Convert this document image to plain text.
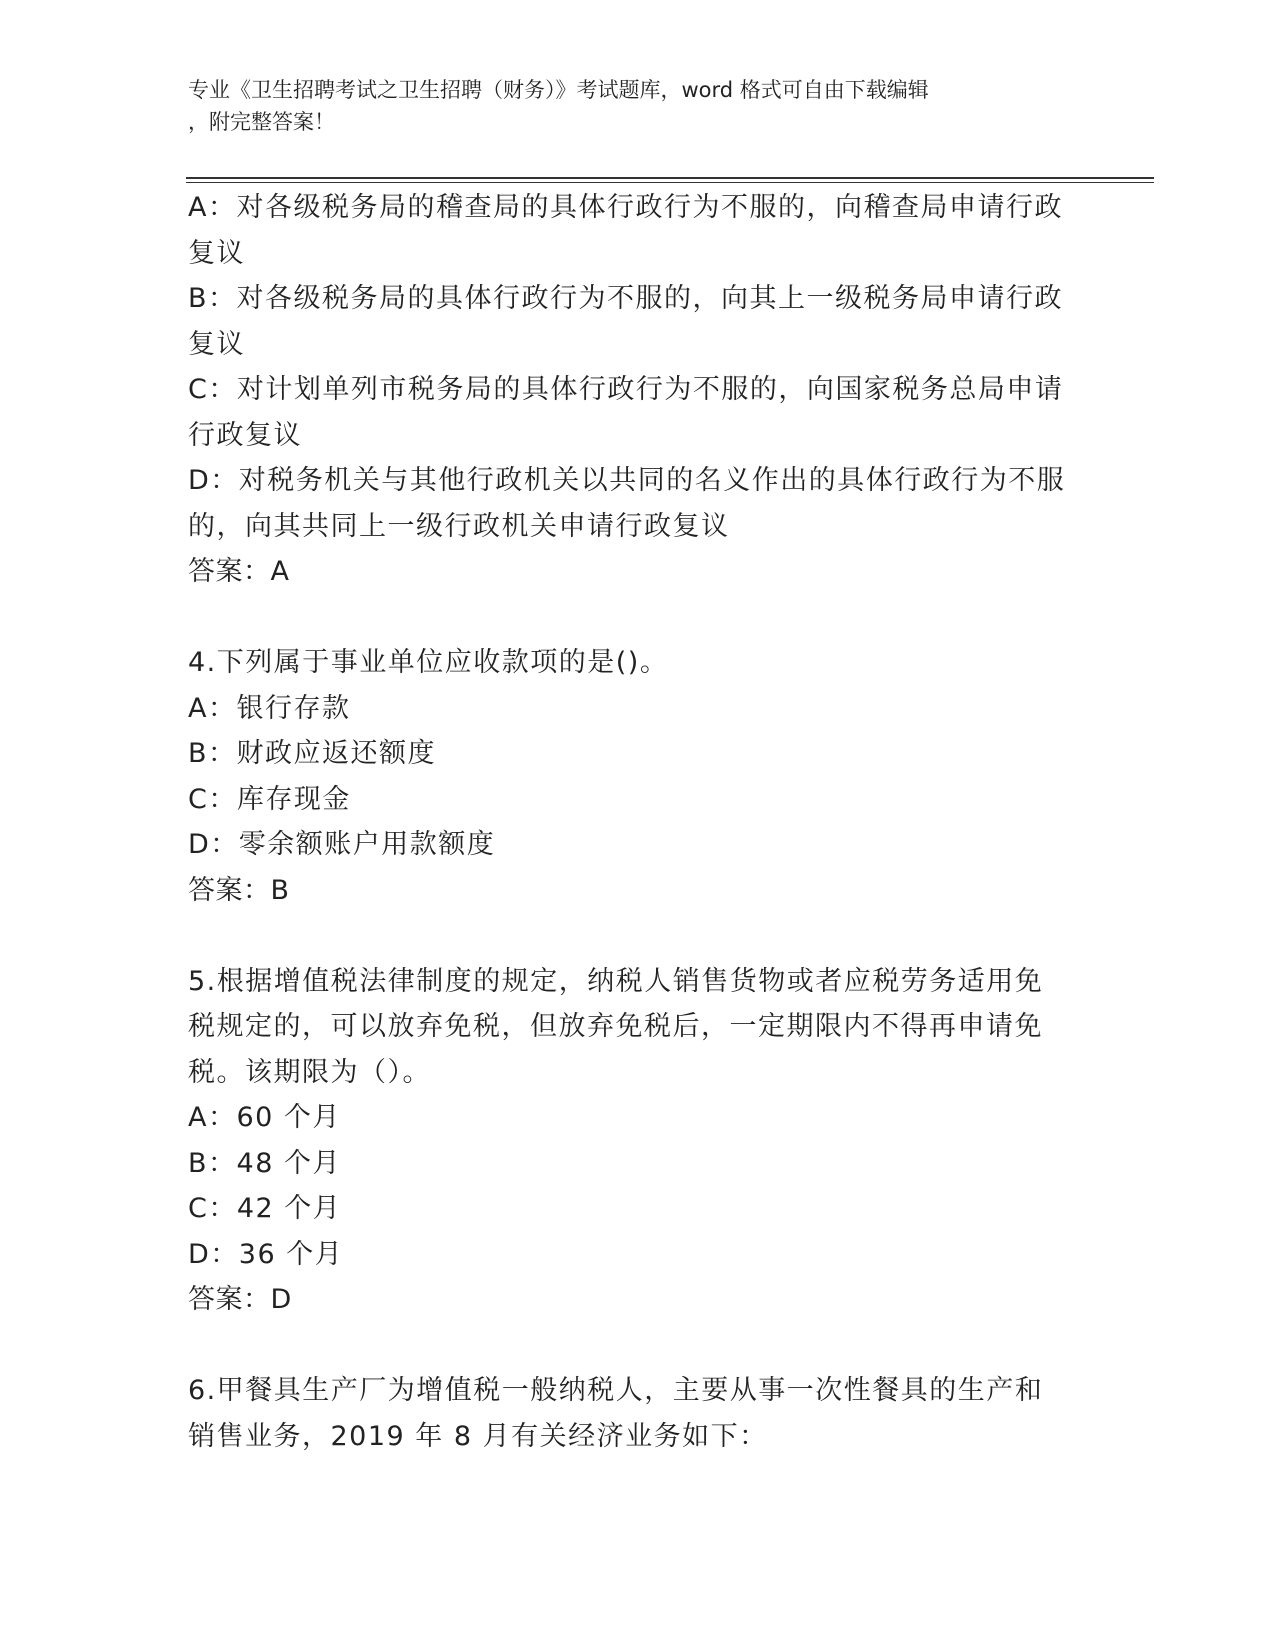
专业《卫生招聘考试之卫生招聘（财务）》考试题库，word 格式可自由下载编辑
，附完整答案！

A：对各级税务局的稽查局的具体行政行为不服的，向稽查局申请行政

复议

B：对各级税务局的具体行政行为不服的，向其上一级税务局申请行政

复议

C：对计划单列市税务局的具体行政行为不服的，向国家税务总局申请

行政复议

D：对税务机关与其他行政机关以共同的名义作出的具体行政行为不服

的，向其共同上一级行政机关申请行政复议

答案：A

4.下列属于事业单位应收款项的是()。

A：银行存款

B：财政应返还额度

C：库存现金

D：零余额账户用款额度

答案：B

5.根据增值税法律制度的规定，纳税人销售货物或者应税劳务适用免

税规定的，可以放弃免税，但放弃免税后，一定期限内不得再申请免

税。该期限为（）。

A：60 个月

B：48 个月

C：42 个月

D：36 个月

答案：D

6.甲餐具生产厂为增值税一般纳税人，主要从事一次性餐具的生产和

销售业务，2019 年 8 月有关经济业务如下：
